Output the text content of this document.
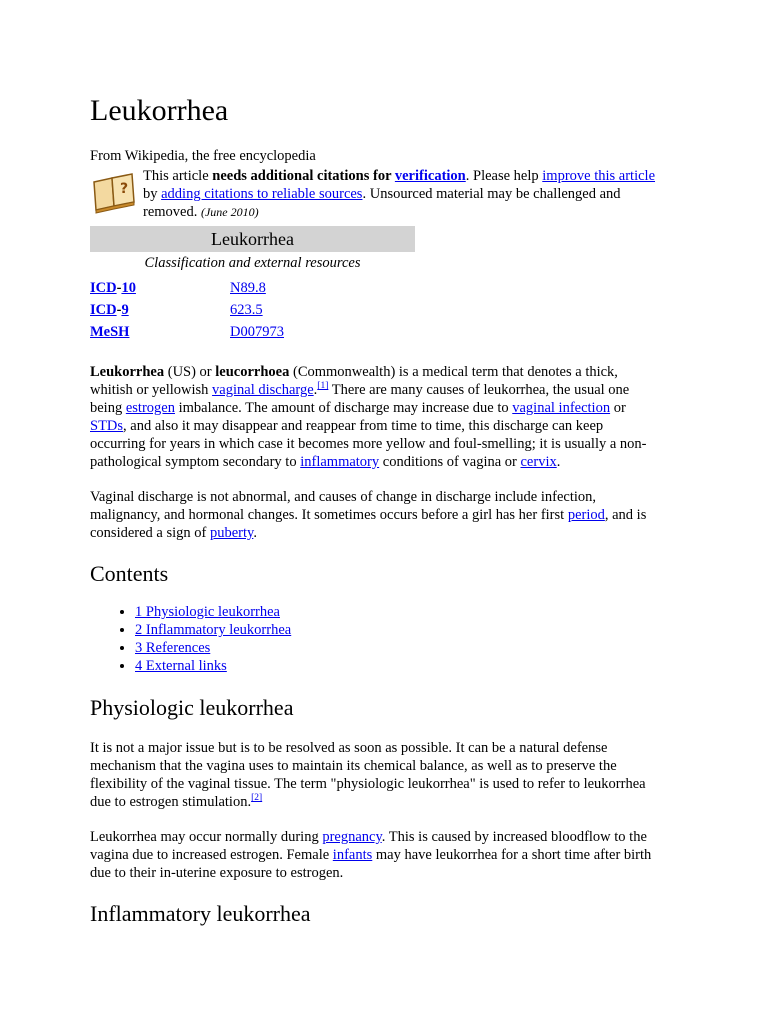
Leukorrhea
From Wikipedia, the free encyclopedia
?
This article needs additional citations for verification. Please help improve this article
by adding citations to reliable sources. Unsourced material may be challenged and
removed. (June 2010)
Leukorrhea
Classification and external resources
ICD-10	N89.8
ICD-9	623.5
MeSH	D007973
Leukorrhea (US) or leucorrhoea (Commonwealth) is a medical term that denotes a thick,
whitish or yellowish vaginal discharge.[1] There are many causes of leukorrhea, the usual one
being estrogen imbalance. The amount of discharge may increase due to vaginal infection or
STDs, and also it may disappear and reappear from time to time, this discharge can keep
occurring for years in which case it becomes more yellow and foul-smelling; it is usually a non-
pathological symptom secondary to inflammatory conditions of vagina or cervix.
Vaginal discharge is not abnormal, and causes of change in discharge include infection,
malignancy, and hormonal changes. It sometimes occurs before a girl has her first period, and is
considered a sign of puberty.
Contents
• 1 Physiologic leukorrhea
• 2 Inflammatory leukorrhea
• 3 References
• 4 External links
Physiologic leukorrhea
It is not a major issue but is to be resolved as soon as possible. It can be a natural defense
mechanism that the vagina uses to maintain its chemical balance, as well as to preserve the
flexibility of the vaginal tissue. The term "physiologic leukorrhea" is used to refer to leukorrhea
due to estrogen stimulation.[2]
Leukorrhea may occur normally during pregnancy. This is caused by increased bloodflow to the
vagina due to increased estrogen. Female infants may have leukorrhea for a short time after birth
due to their in-uterine exposure to estrogen.
Inflammatory leukorrhea
